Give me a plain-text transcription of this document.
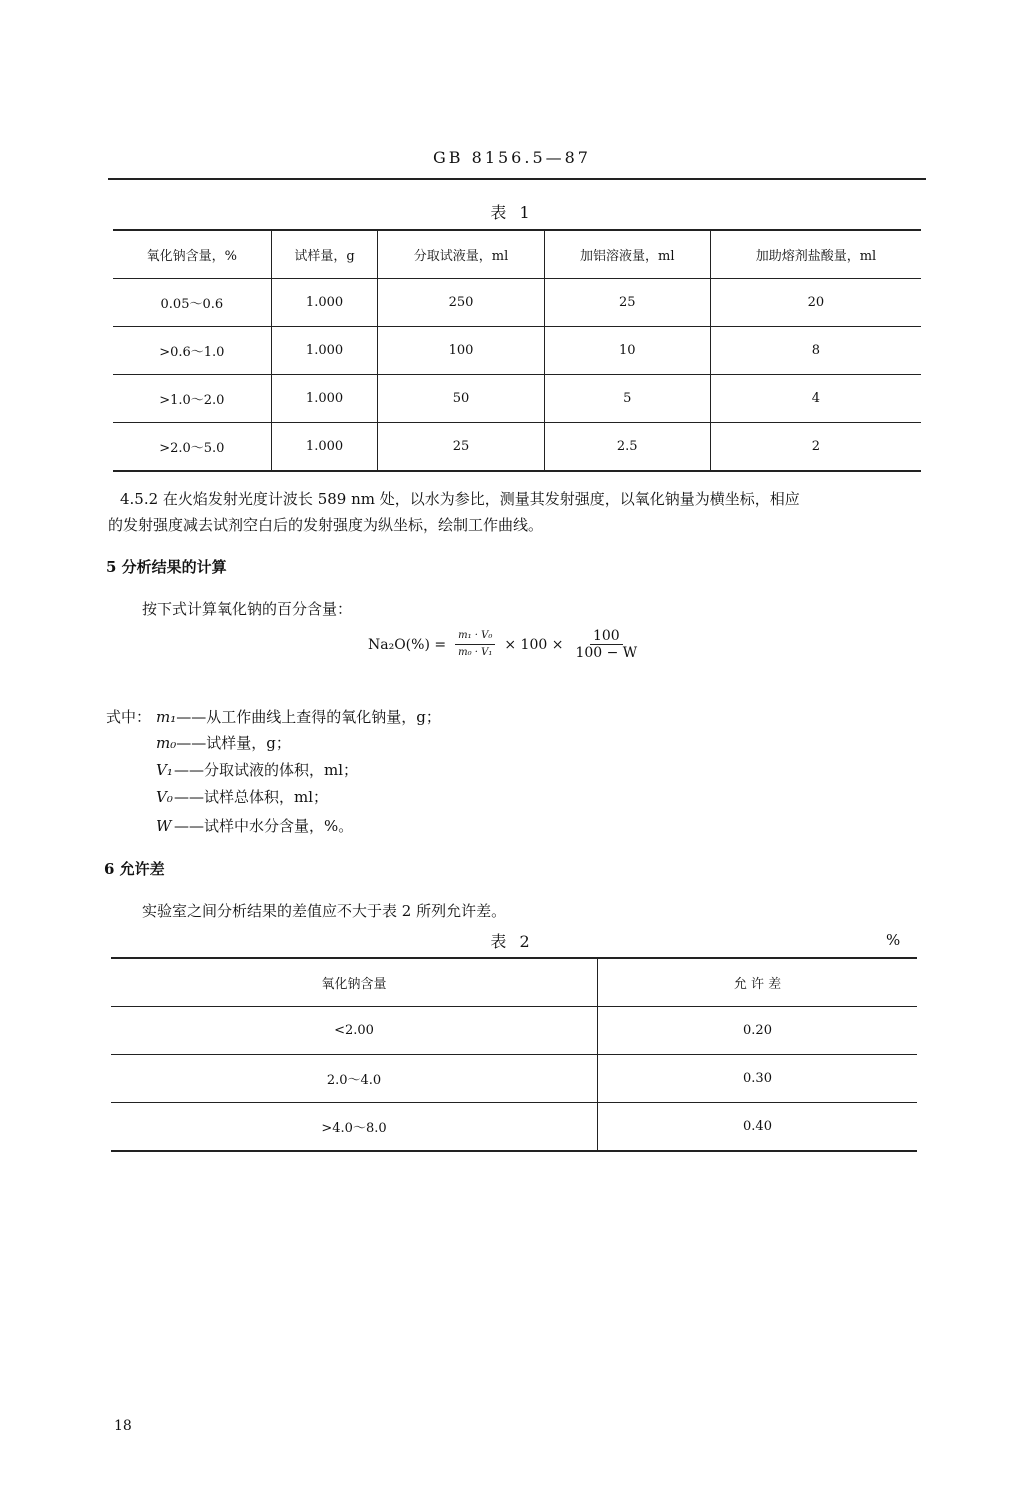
GB 8156.5—87
表 1
氧化钠含量，%	试样量，g	分取试液量，ml	加铝溶液量，ml	加助熔剂盐酸量，ml
0.05～0.6	1.000	250	25	20
>0.6～1.0	1.000	100	10	8
>1.0～2.0	1.000	50	5	4
>2.0～5.0	1.000	25	2.5	2
4.5.2 在火焰发射光度计波长 589 nm 处，以水为参比，测量其发射强度，以氧化钠量为横坐标，相应
的发射强度减去试剂空白后的发射强度为纵坐标，绘制工作曲线。
5 分析结果的计算
按下式计算氧化钠的百分含量：
$Na_2O(\%) = \frac{\text{m₁ · V₀}}{\text{m₀ · V₁}} \times 100 \times \frac{100}{100 - W}$
式中： m₁——从工作曲线上查得的氧化钠量，g；
m₀——试样量，g；
V₁——分取试液的体积，ml；
V₀——试样总体积，ml；
W ——试样中水分含量，%。
6 允许差
实验室之间分析结果的差值应不大于表 2 所列允许差。
表 2	%
氧化钠含量	允 许 差
<2.00	0.20
2.0～4.0	0.30
>4.0～8.0	0.40
18
